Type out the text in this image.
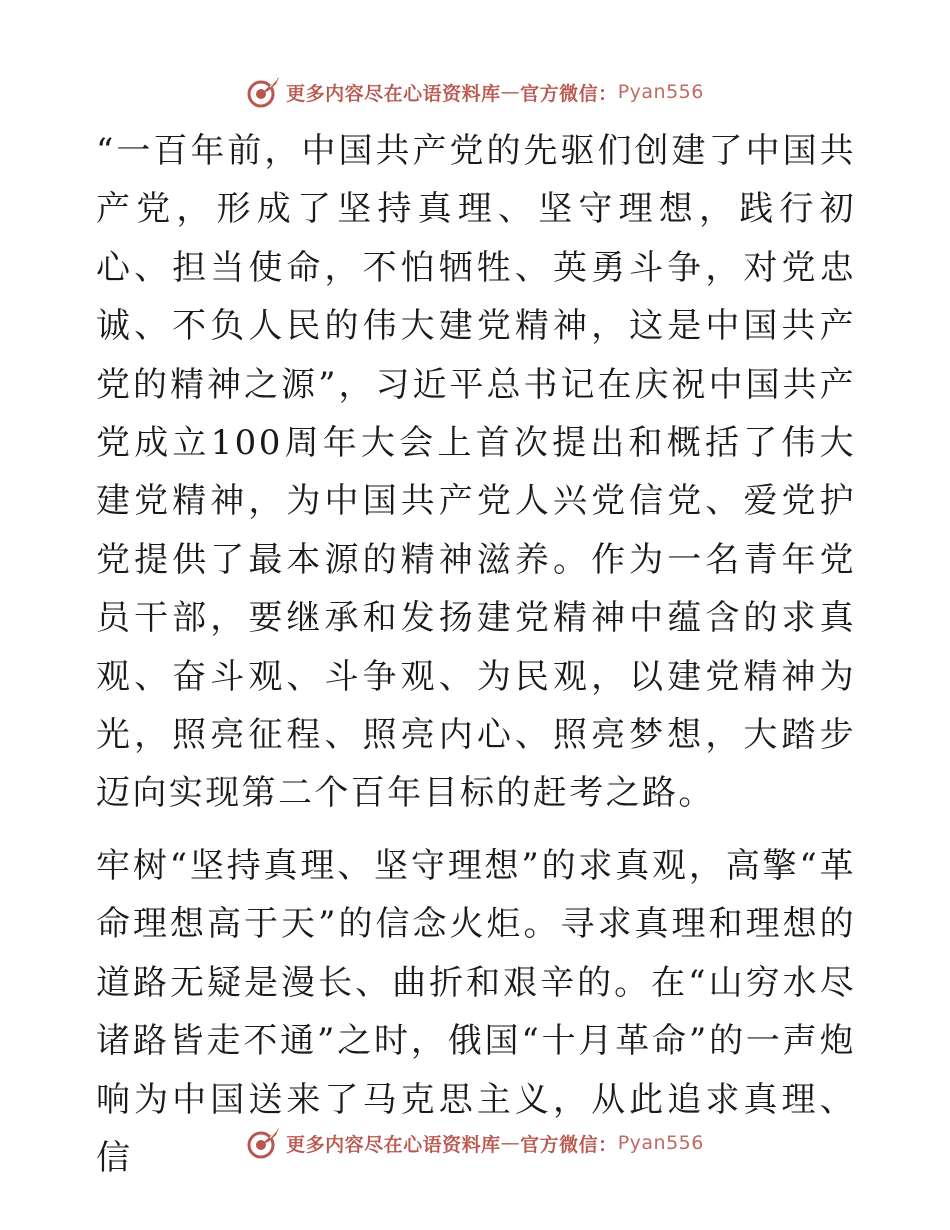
更多内容尽在心语资料库 — 官方微信： Pyan556

“一百年前，中国共产党的先驱们创建了中国共产党，形成了坚持真理、坚守理想，践行初心、担当使命，不怕牺牲、英勇斗争，对党忠诚、不负人民的伟大建党精神，这是中国共产党的精神之源”，习近平总书记在庆祝中国共产党成立100周年大会上首次提出和概括了伟大建党精神，为中国共产党人兴党信党、爱党护党提供了最本源的精神滋养。作为一名青年党员干部，要继承和发扬建党精神中蕴含的求真观、奋斗观、斗争观、为民观，以建党精神为光，照亮征程、照亮内心、照亮梦想，大踏步迈向实现第二个百年目标的赶考之路。

牢树“坚持真理、坚守理想”的求真观，高擎“革命理想高于天”的信念火炬。寻求真理和理想的道路无疑是漫长、曲折和艰辛的。在“山穷水尽诸路皆走不通”之时，俄国“十月革命”的一声炮响为中国送来了马克思主义，从此追求真理、信	更多内容尽在心语资料库 — 官方微信： Pyan556
